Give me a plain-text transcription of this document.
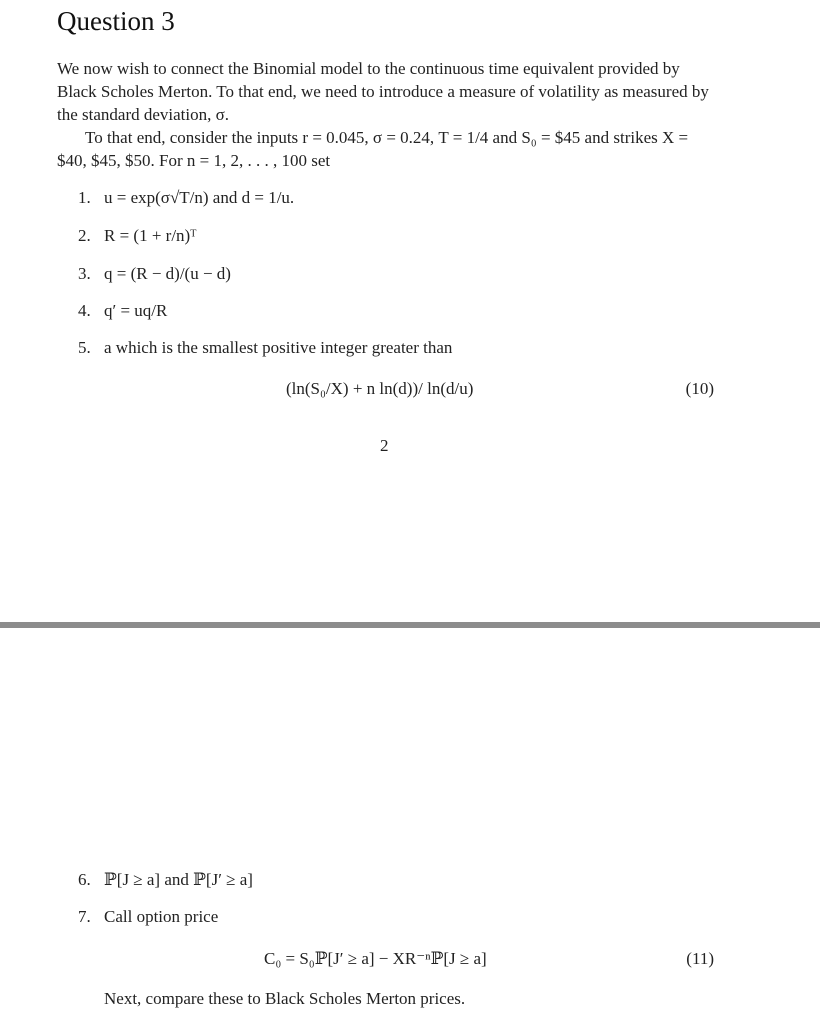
Question 3

We now wish to connect the Binomial model to the continuous time equivalent provided by Black Scholes Merton. To that end, we need to introduce a measure of volatility as measured by the standard deviation, σ.

To that end, consider the inputs r = 0.045, σ = 0.24, T = 1/4 and S₀ = $45 and strikes X = $40, $45, $50. For n = 1, 2, . . . , 100 set

1. u = exp(σ√T/n) and d = 1/u.
2. R = (1 + r/n)ᵀ
3. q = (R − d)/(u − d)
4. q′ = uq/R
5. a which is the smallest positive integer greater than
(ln(S₀/X) + n ln(d))/ ln(d/u)	(10)
2
6. ℙ[J ≥ a] and ℙ[J′ ≥ a]
7. Call option price
C₀ = S₀ℙ[J′ ≥ a] − XR⁻ⁿℙ[J ≥ a]	(11)
Next, compare these to Black Scholes Merton prices.
